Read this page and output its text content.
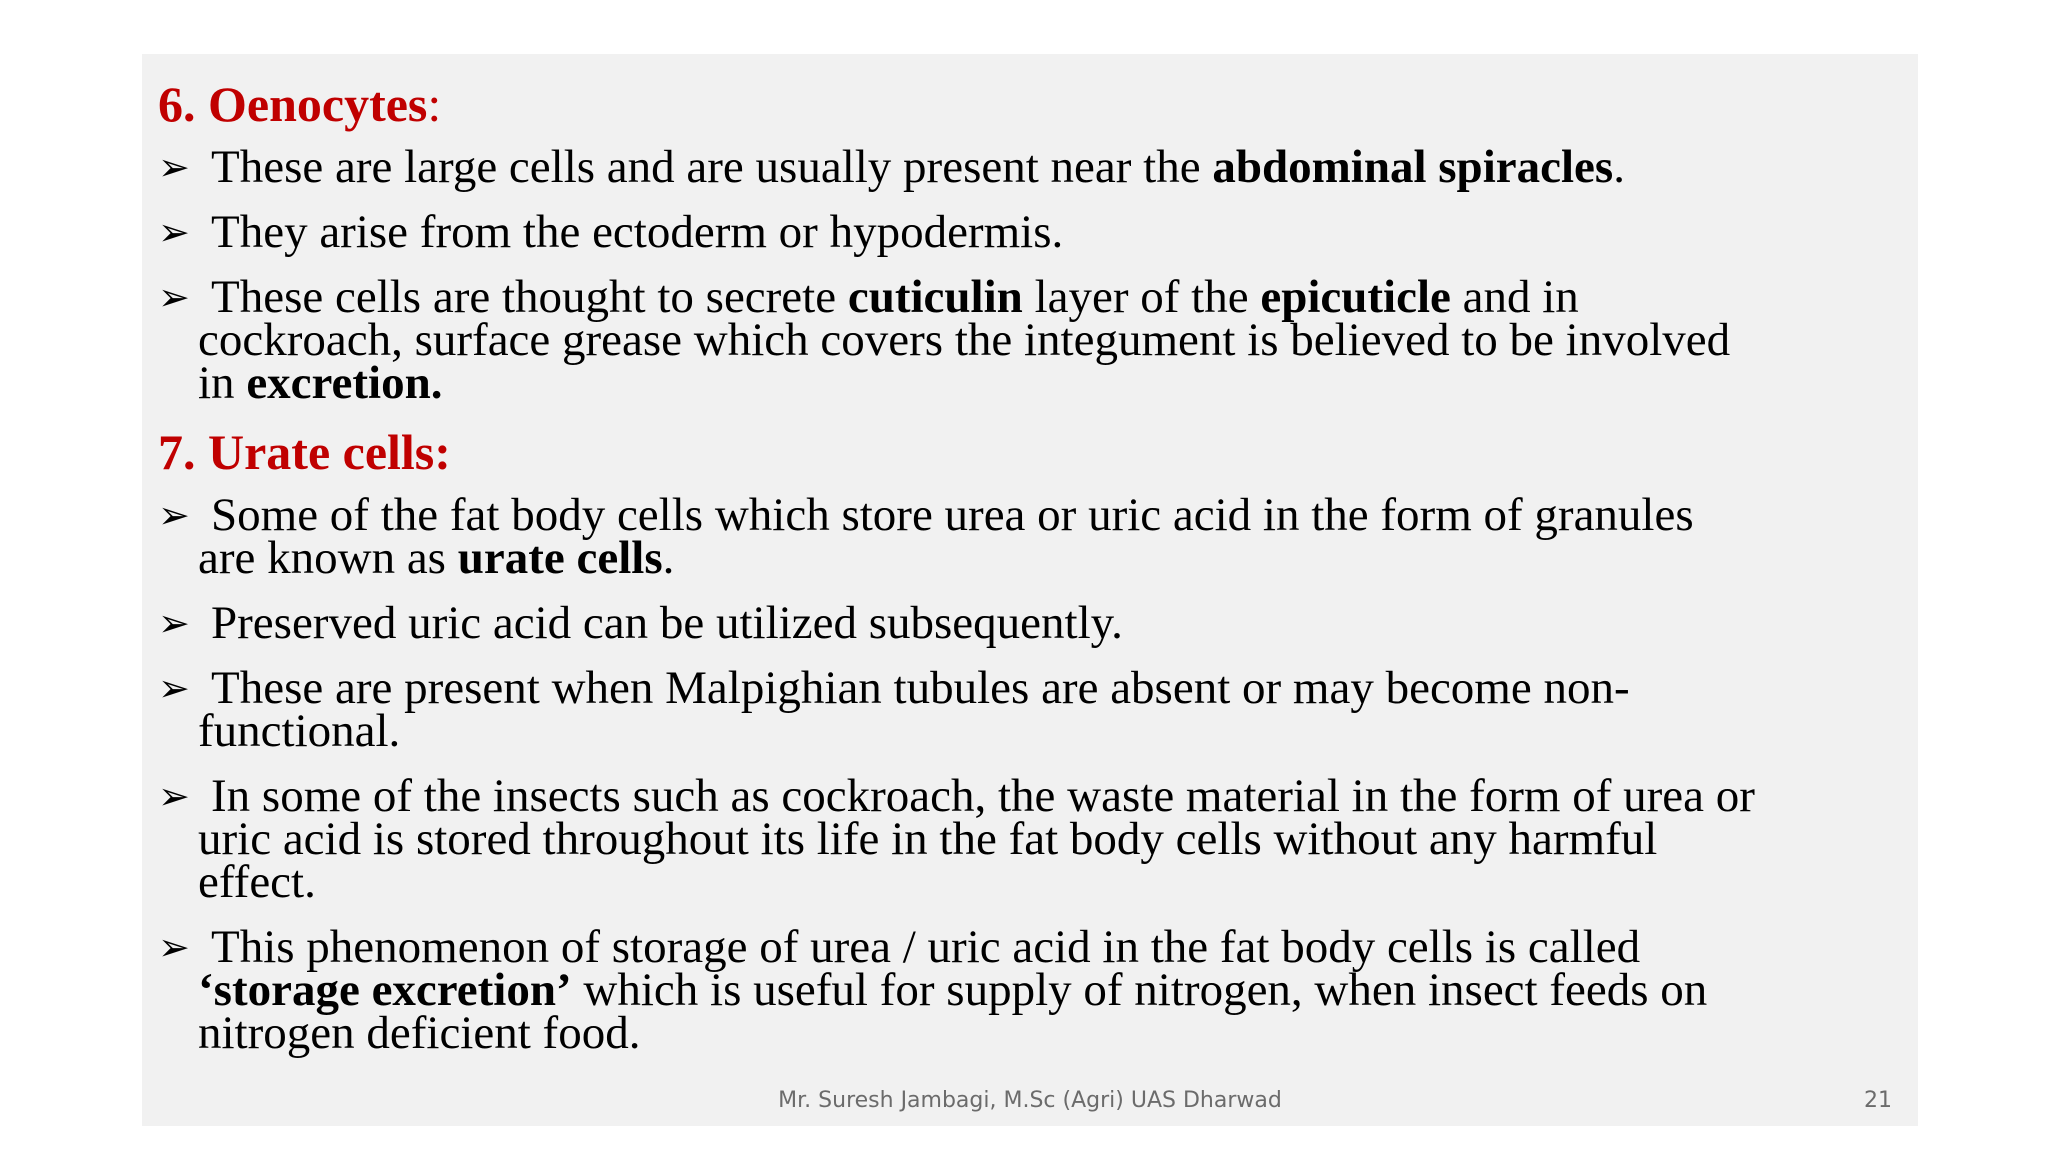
6. Oenocytes:
➢ These are large cells and are usually present near the abdominal spiracles.
➢ They arise from the ectoderm or hypodermis.
➢ These cells are thought to secrete cuticulin layer of the epicuticle and in
cockroach, surface grease which covers the integument is believed to be involved
in excretion.
7. Urate cells:
➢ Some of the fat body cells which store urea or uric acid in the form of granules
are known as urate cells.
➢ Preserved uric acid can be utilized subsequently.
➢ These are present when Malpighian tubules are absent or may become non-
functional.
➢ In some of the insects such as cockroach, the waste material in the form of urea or
uric acid is stored throughout its life in the fat body cells without any harmful
effect.
➢ This phenomenon of storage of urea / uric acid in the fat body cells is called
‘storage excretion’ which is useful for supply of nitrogen, when insect feeds on
nitrogen deficient food.
Mr. Suresh Jambagi, M.Sc (Agri) UAS Dharwad	21
